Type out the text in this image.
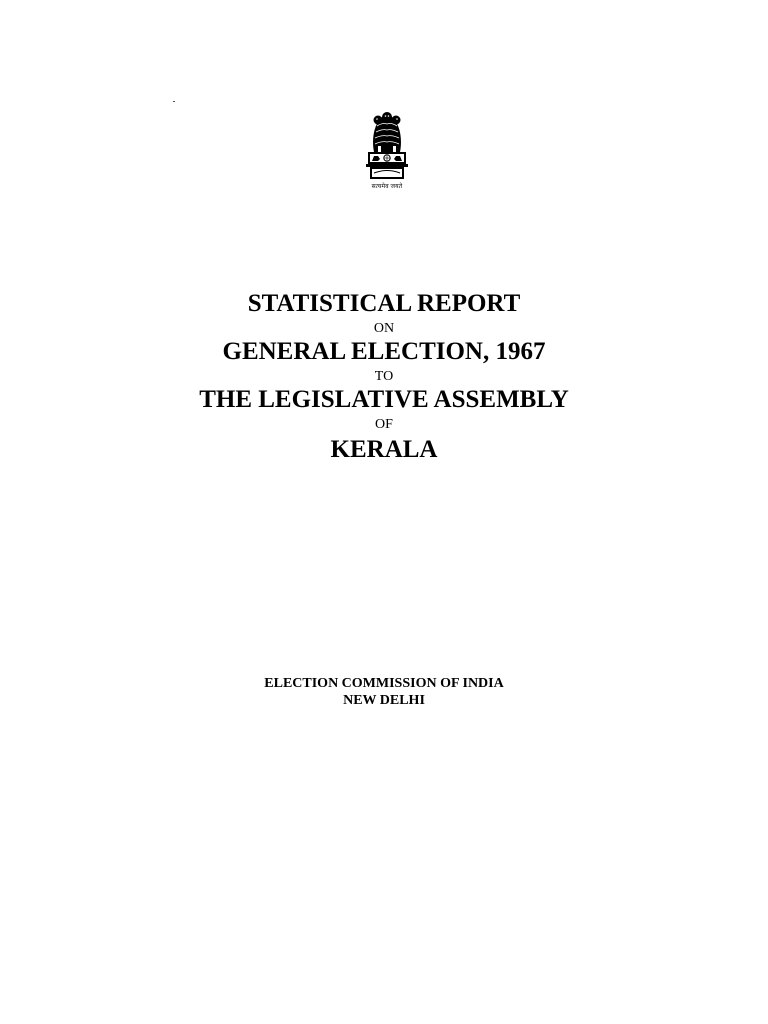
सत्यमेव जयते
STATISTICAL REPORT
ON
GENERAL ELECTION, 1967
TO
THE LEGISLATIVE ASSEMBLY
OF
KERALA
ELECTION COMMISSION OF INDIA
NEW DELHI
